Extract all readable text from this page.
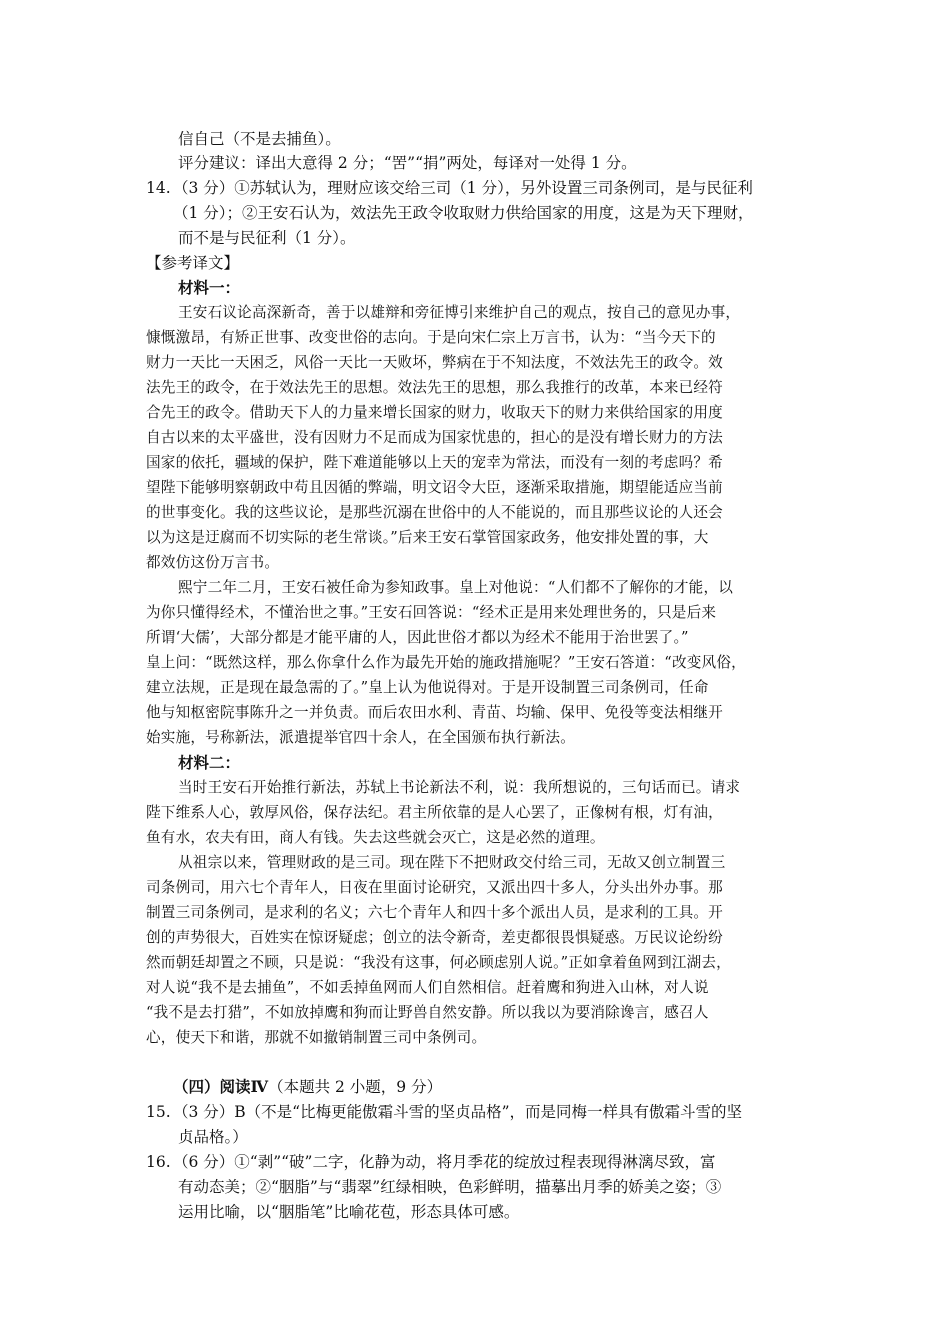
信自己（不是去捕鱼）。
评分建议：译出大意得 2 分；“罟”“捐”两处，每译对一处得 1 分。
14. （3 分）①苏轼认为，理财应该交给三司（1 分），另外设置三司条例司，是与民征利
（1 分）；②王安石认为，效法先王政令收取财力供给国家的用度，这是为天下理财，
而不是与民征利（1 分）。
【参考译文】
材料一：
王安石议论高深新奇，善于以雄辩和旁征博引来维护自己的观点，按自己的意见办事，
慷慨激昂，有矫正世事、改变世俗的志向。于是向宋仁宗上万言书，认为：“当今天下的
财力一天比一天困乏，风俗一天比一天败坏，弊病在于不知法度，不效法先王的政令。效
法先王的政令，在于效法先王的思想。效法先王的思想，那么我推行的改革，本来已经符
合先王的政令。借助天下人的力量来增长国家的财力，收取天下的财力来供给国家的用度
自古以来的太平盛世，没有因财力不足而成为国家忧患的，担心的是没有增长财力的方法
国家的依托，疆域的保护，陛下难道能够以上天的宠幸为常法，而没有一刻的考虑吗？希
望陛下能够明察朝政中苟且因循的弊端，明文诏令大臣，逐渐采取措施，期望能适应当前
的世事变化。我的这些议论，是那些沉溺在世俗中的人不能说的，而且那些议论的人还会
以为这是迂腐而不切实际的老生常谈。”后来王安石掌管国家政务，他安排处置的事，大
都效仿这份万言书。
熙宁二年二月，王安石被任命为参知政事。皇上对他说：“人们都不了解你的才能，以
为你只懂得经术，不懂治世之事。”王安石回答说：“经术正是用来处理世务的，只是后来
所谓‘大儒’，大部分都是才能平庸的人，因此世俗才都以为经术不能用于治世罢了。”
皇上问：“既然这样，那么你拿什么作为最先开始的施政措施呢？”王安石答道：“改变风俗，
建立法规，正是现在最急需的了。”皇上认为他说得对。于是开设制置三司条例司，任命
他与知枢密院事陈升之一并负责。而后农田水利、青苗、均输、保甲、免役等变法相继开
始实施，号称新法，派遣提举官四十余人，在全国颁布执行新法。
材料二：
当时王安石开始推行新法，苏轼上书论新法不利，说：我所想说的，三句话而已。请求
陛下维系人心，敦厚风俗，保存法纪。君主所依靠的是人心罢了，正像树有根，灯有油，
鱼有水，农夫有田，商人有钱。失去这些就会灭亡，这是必然的道理。
从祖宗以来，管理财政的是三司。现在陛下不把财政交付给三司，无故又创立制置三
司条例司，用六七个青年人，日夜在里面讨论研究，又派出四十多人，分头出外办事。那
制置三司条例司，是求利的名义；六七个青年人和四十多个派出人员，是求利的工具。开
创的声势很大，百姓实在惊讶疑虑；创立的法令新奇，差吏都很畏惧疑惑。万民议论纷纷
然而朝廷却置之不顾，只是说：“我没有这事，何必顾虑别人说。”正如拿着鱼网到江湖去，
对人说“我不是去捕鱼”，不如丢掉鱼网而人们自然相信。赶着鹰和狗进入山林，对人说
“我不是去打猎”，不如放掉鹰和狗而让野兽自然安静。所以我以为要消除谗言，感召人
心，使天下和谐，那就不如撤销制置三司中条例司。
（四）阅读Ⅳ（本题共 2 小题，9 分）
15. （3 分）B（不是“比梅更能傲霜斗雪的坚贞品格”，而是同梅一样具有傲霜斗雪的坚
贞品格。）
16. （6 分）①“剥”“破”二字，化静为动，将月季花的绽放过程表现得淋漓尽致，富
有动态美；②“胭脂”与“翡翠”红绿相映，色彩鲜明，描摹出月季的娇美之姿；③
运用比喻，以“胭脂笔”比喻花苞，形态具体可感。
